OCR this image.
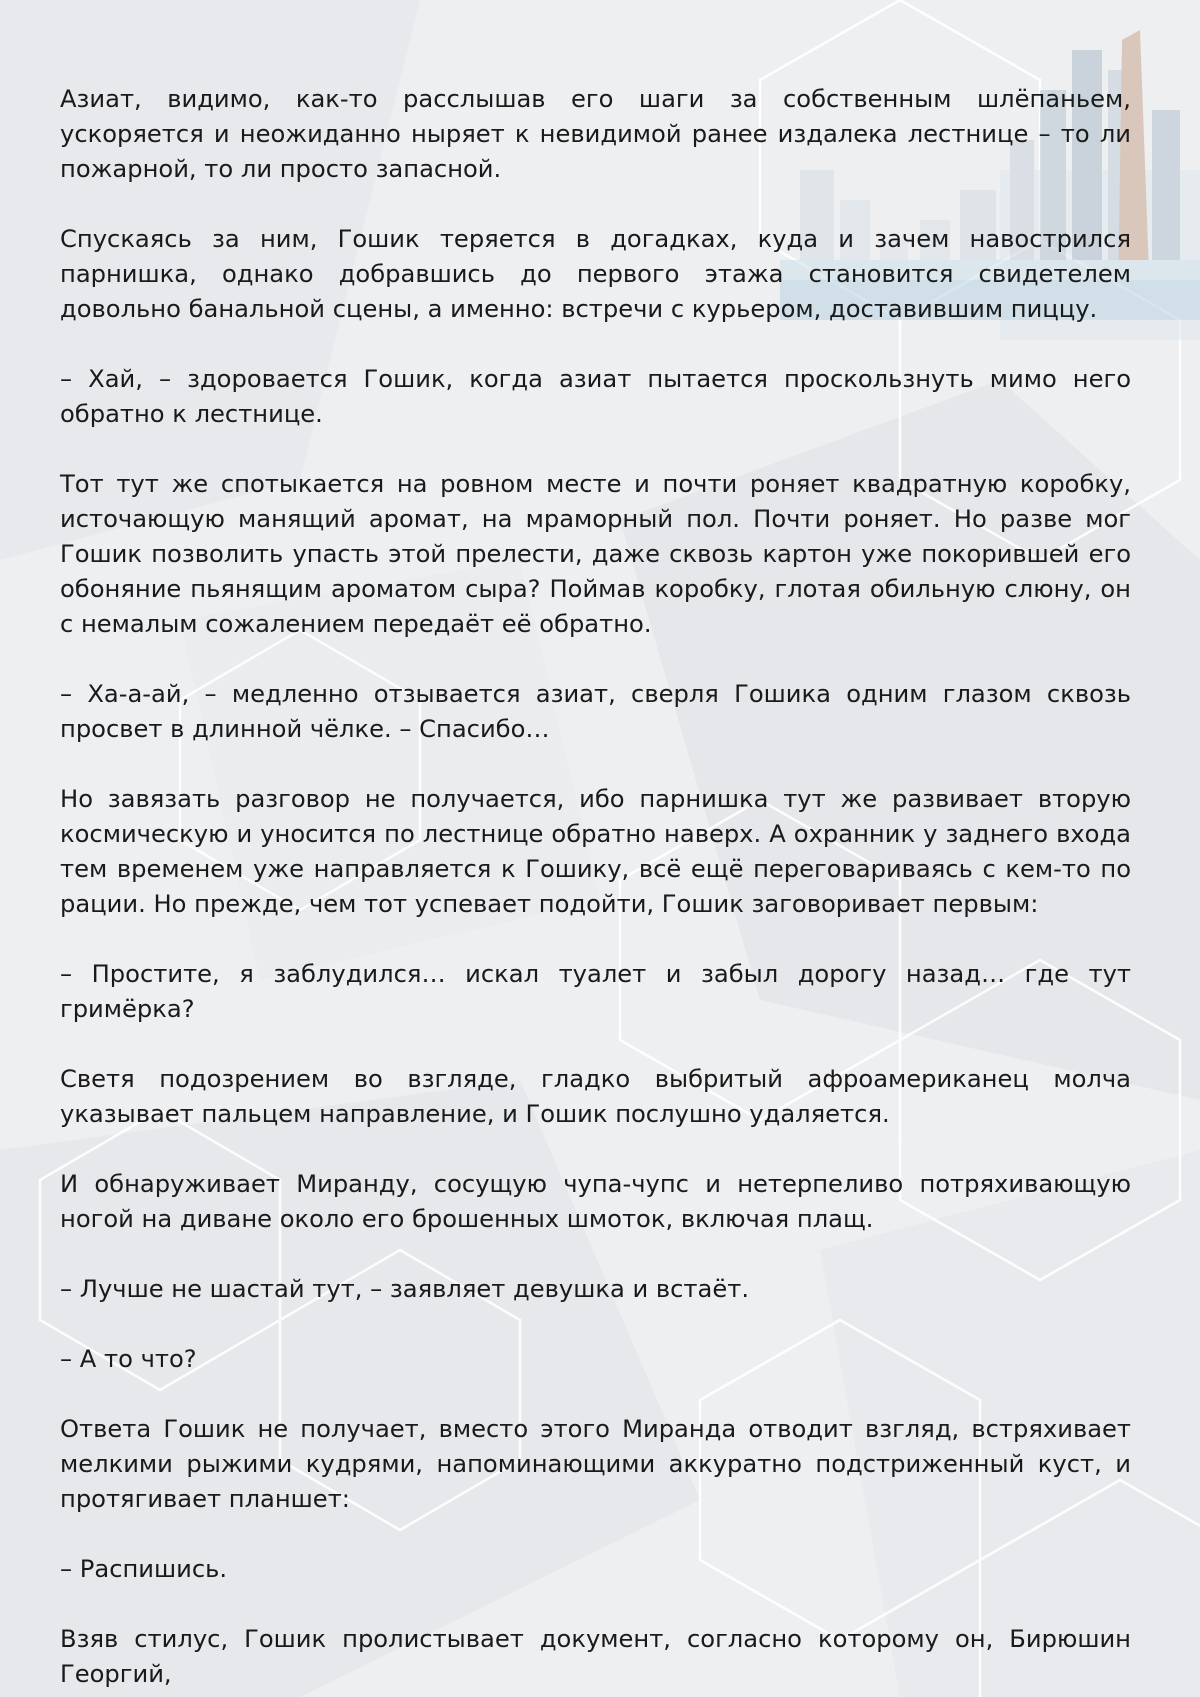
Азиат, видимо, как-то расслышав его шаги за собственным шлёпаньем, ускоряется и неожиданно ныряет к невидимой ранее издалека лестнице – то ли пожарной, то ли просто запасной.

Спускаясь за ним, Гошик теряется в догадках, куда и зачем навострился парнишка, однако добравшись до первого этажа становится свидетелем довольно банальной сцены, а именно: встречи с курьером, доставившим пиццу.

– Хай, – здоровается Гошик, когда азиат пытается проскользнуть мимо него обратно к лестнице.

Тот тут же спотыкается на ровном месте и почти роняет квадратную коробку, источающую манящий аромат, на мраморный пол. Почти роняет. Но разве мог Гошик позволить упасть этой прелести, даже сквозь картон уже покорившей его обоняние пьянящим ароматом сыра? Поймав коробку, глотая обильную слюну, он с немалым сожалением передаёт её обратно.

– Ха-а-ай, – медленно отзывается азиат, сверля Гошика одним глазом сквозь просвет в длинной чёлке. – Спасибо…

Но завязать разговор не получается, ибо парнишка тут же развивает вторую космическую и уносится по лестнице обратно наверх. А охранник у заднего входа тем временем уже направляется к Гошику, всё ещё переговариваясь с кем-то по рации. Но прежде, чем тот успевает подойти, Гошик заговоривает первым:

– Простите, я заблудился… искал туалет и забыл дорогу назад… где тут гримёрка?

Светя подозрением во взгляде, гладко выбритый афроамериканец молча указывает пальцем направление, и Гошик послушно удаляется.

И обнаруживает Миранду, сосущую чупа-чупс и нетерпеливо потряхивающую ногой на диване около его брошенных шмоток, включая плащ.

– Лучше не шастай тут, – заявляет девушка и встаёт.

– А то что?

Ответа Гошик не получает, вместо этого Миранда отводит взгляд, встряхивает мелкими рыжими кудрями, напоминающими аккуратно подстриженный куст, и протягивает планшет:

– Распишись.

Взяв стилус, Гошик пролистывает документ, согласно которому он, Бирюшин Георгий,
